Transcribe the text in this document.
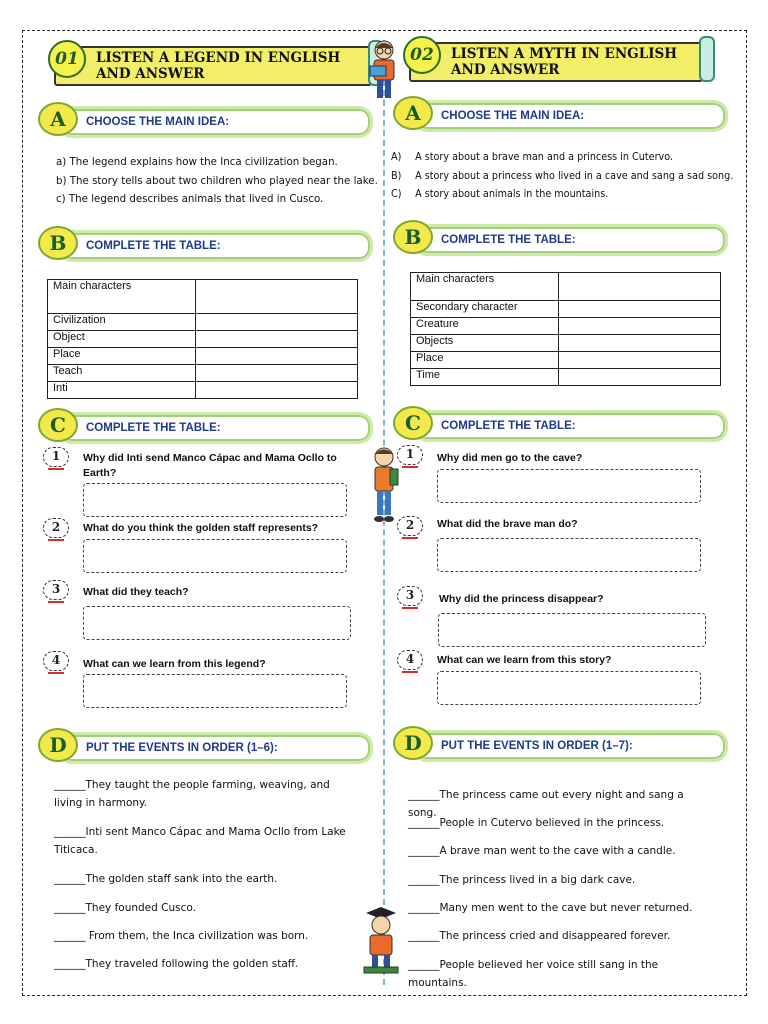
01	LISTEN A LEGEND IN ENGLISH AND ANSWER
A	CHOOSE THE MAIN IDEA:
a) The legend explains how the Inca civilization began.
b) The story tells about two children who played near the lake.
c) The legend describes animals that lived in Cusco.
B	COMPLETE THE TABLE:
Main characters	
Civilization	
Object	
Place	
Teach	
Inti	
C	COMPLETE THE TABLE:
1	Why did Inti send Manco Cápac and Mama Ocllo to Earth?
2	What do you think the golden staff represents?
3	What did they teach?
4	What can we learn from this legend?
D	PUT THE EVENTS IN ORDER (1–6):
______They taught the people farming, weaving, and living in harmony.
______Inti sent Manco Cápac and Mama Ocllo from Lake Titicaca.
______The golden staff sank into the earth.
______They founded Cusco.
______ From them, the Inca civilization was born.
______They traveled following the golden staff.
02	LISTEN A MYTH IN ENGLISH AND ANSWER
A	CHOOSE THE MAIN IDEA:
A) A story about a brave man and a princess in Cutervo.
B) A story about a princess who lived in a cave and sang a sad song.
C) A story about animals in the mountains.
B	COMPLETE THE TABLE:
Main characters	
Secondary character	
Creature	
Objects	
Place	
Time	
C	COMPLETE THE TABLE:
1	Why did men go to the cave?
2	What did the brave man do?
3	Why did the princess disappear?
4	What can we learn from this story?
D	PUT THE EVENTS IN ORDER (1–7):
______The princess came out every night and sang a song.
______People in Cutervo believed in the princess.
______A brave man went to the cave with a candle.
______The princess lived in a big dark cave.
______Many men went to the cave but never returned.
______The princess cried and disappeared forever.
______People believed her voice still sang in the mountains.
